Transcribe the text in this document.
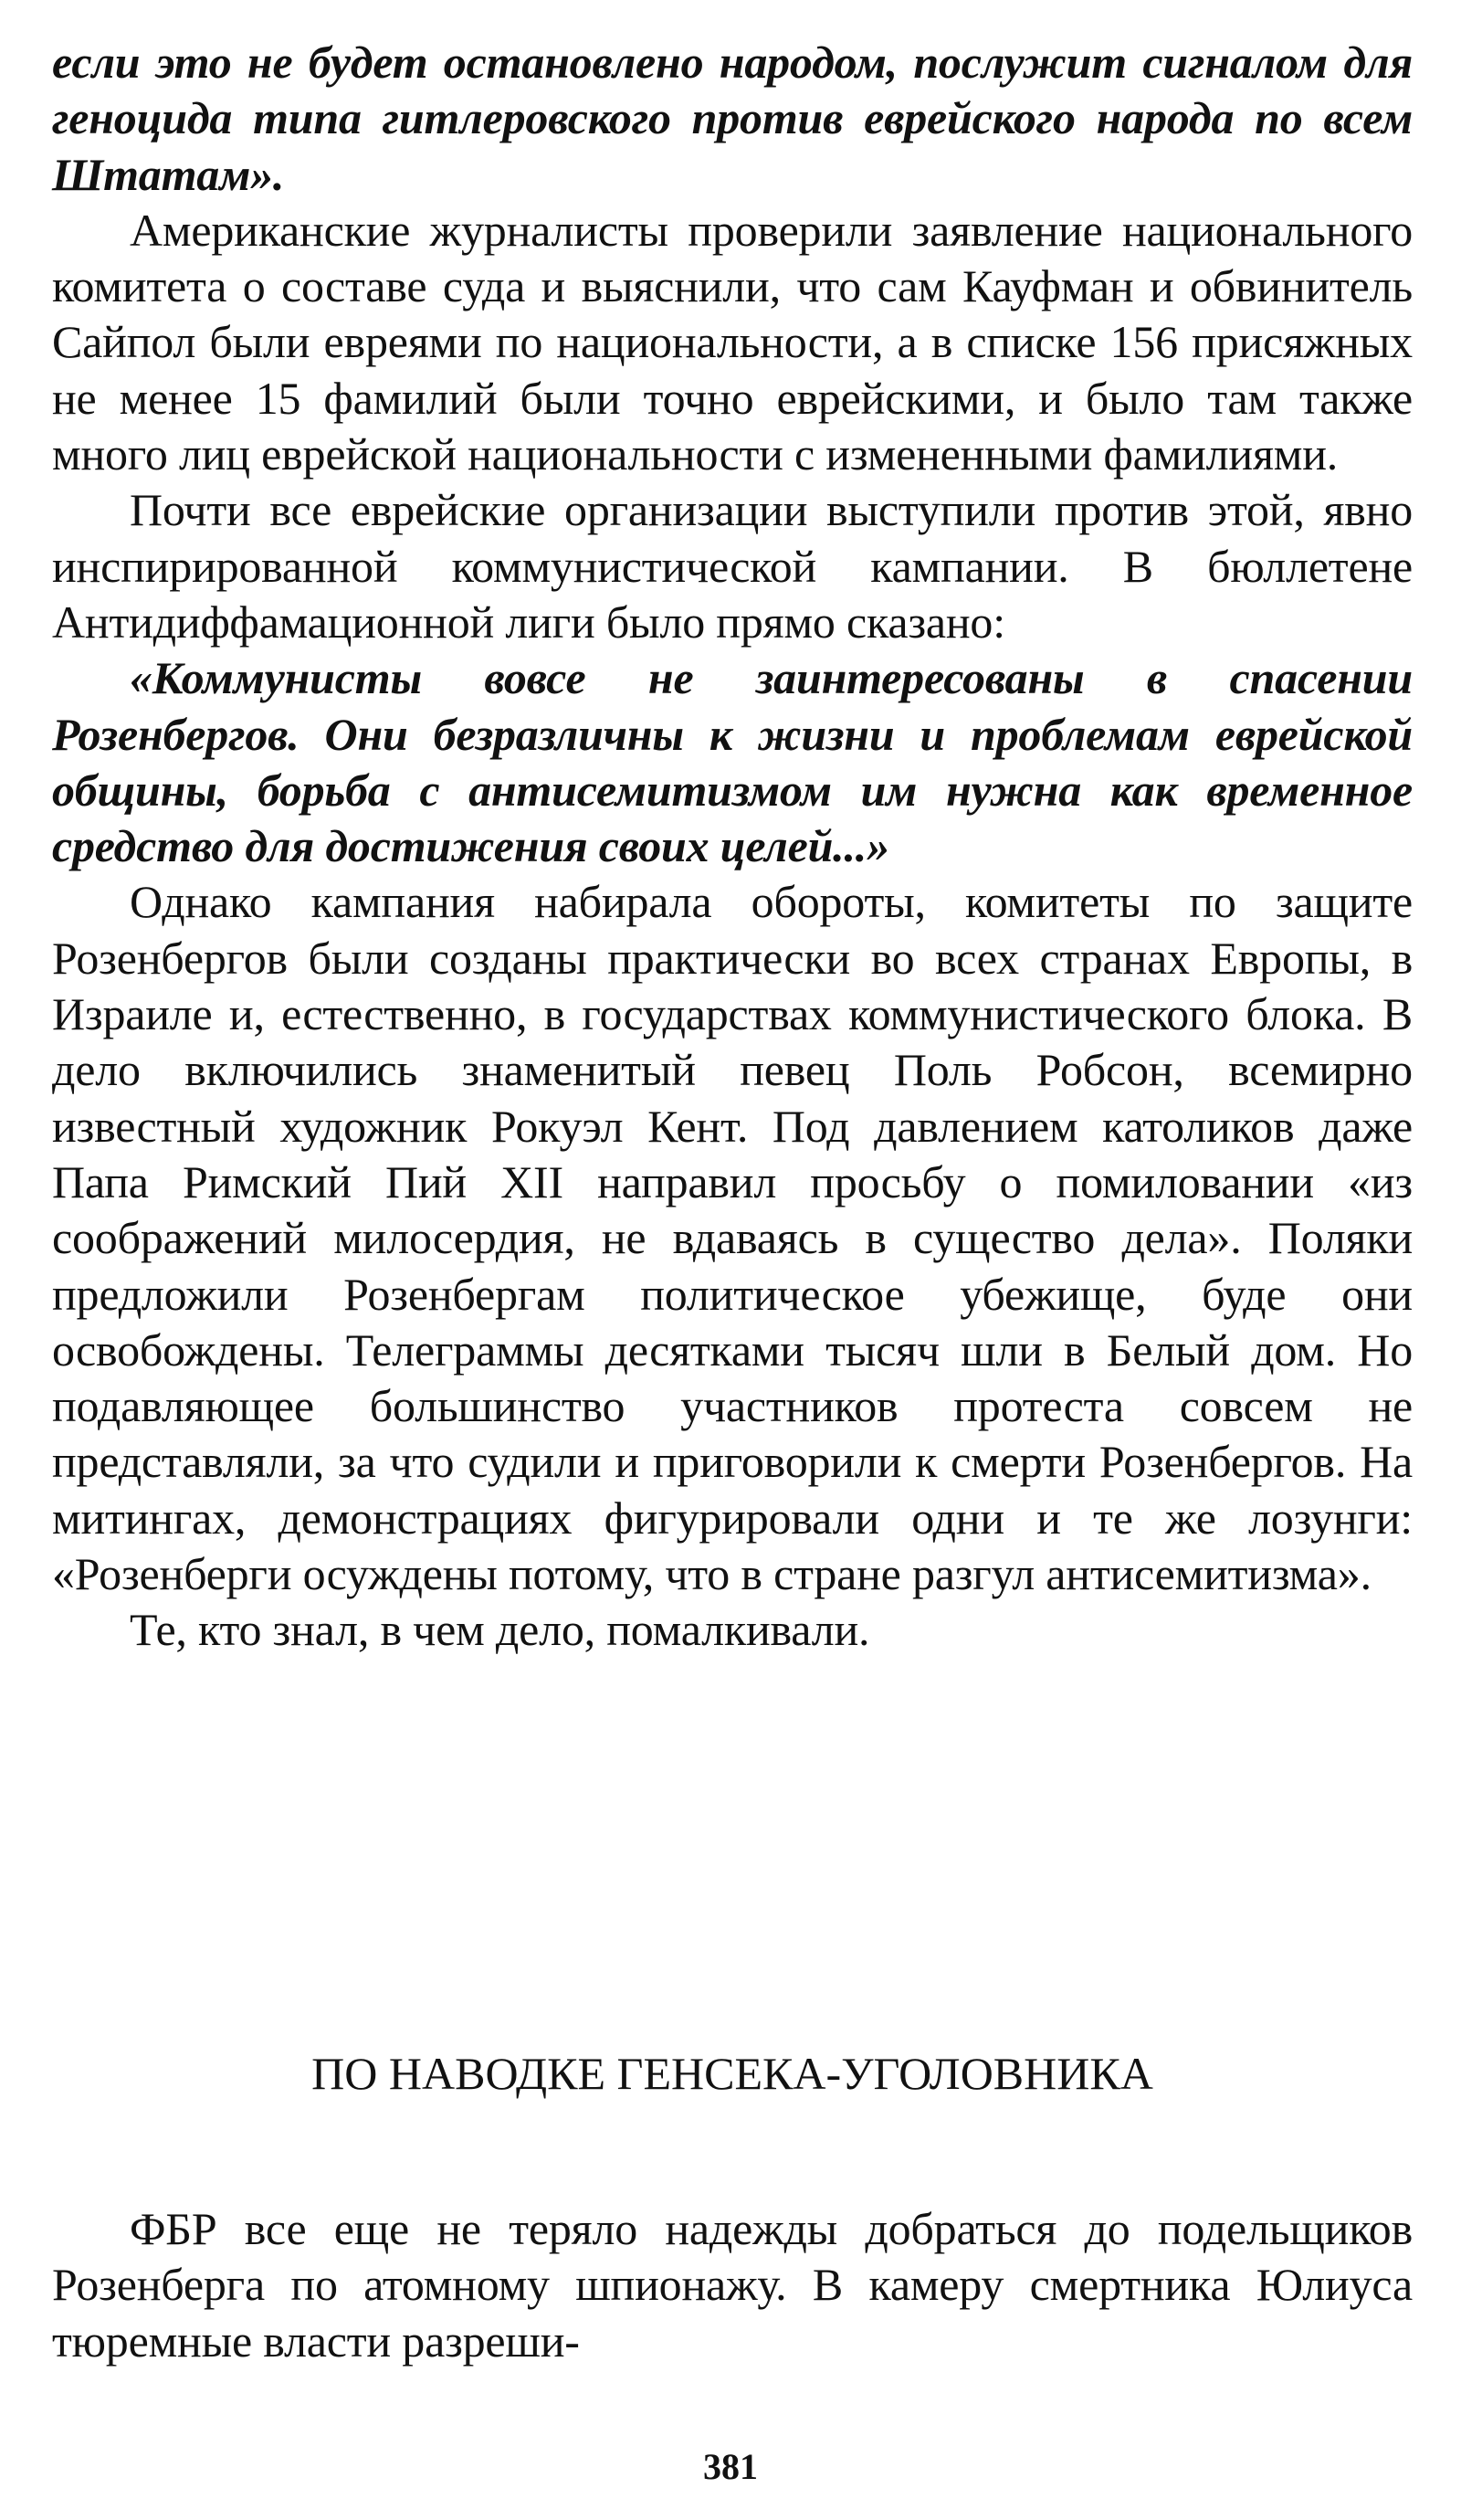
если это не будет остановлено народом, послужит сигналом для геноцида типа гитлеровского против еврейского народа по всем Штатам».

Американские журналисты проверили заявление национального комитета о составе суда и выяснили, что сам Кауфман и обвинитель Сайпол были евреями по национальности, а в списке 156 присяжных не менее 15 фамилий были точно еврейскими, и было там также много лиц еврейской национальности с измененными фамилиями.

Почти все еврейские организации выступили против этой, явно инспирированной коммунистической кампании. В бюллетене Антидиффамационной лиги было прямо сказано:

«Коммунисты вовсе не заинтересованы в спасении Розенбергов. Они безразличны к жизни и проблемам еврейской общины, борьба с антисемитизмом им нужна как временное средство для достижения своих целей...»

Однако кампания набирала обороты, комитеты по защите Розенбергов были созданы практически во всех странах Европы, в Израиле и, естественно, в государствах коммунистического блока. В дело включились знаменитый певец Поль Робсон, всемирно известный художник Рокуэл Кент. Под давлением католиков даже Папа Римский Пий XII направил просьбу о помиловании «из соображений милосердия, не вдаваясь в существо дела». Поляки предложили Розенбергам политическое убежище, буде они освобождены. Телеграммы десятками тысяч шли в Белый дом. Но подавляющее большинство участников протеста совсем не представляли, за что судили и приговорили к смерти Розенбергов. На митингах, демонстрациях фигурировали одни и те же лозунги: «Розенберги осуждены потому, что в стране разгул антисемитизма».

Те, кто знал, в чем дело, помалкивали.

ПО НАВОДКЕ ГЕНСЕКА-УГОЛОВНИКА

ФБР все еще не теряло надежды добраться до подельщиков Розенберга по атомному шпионажу. В камеру смертника Юлиуса тюремные власти разреши-

381
